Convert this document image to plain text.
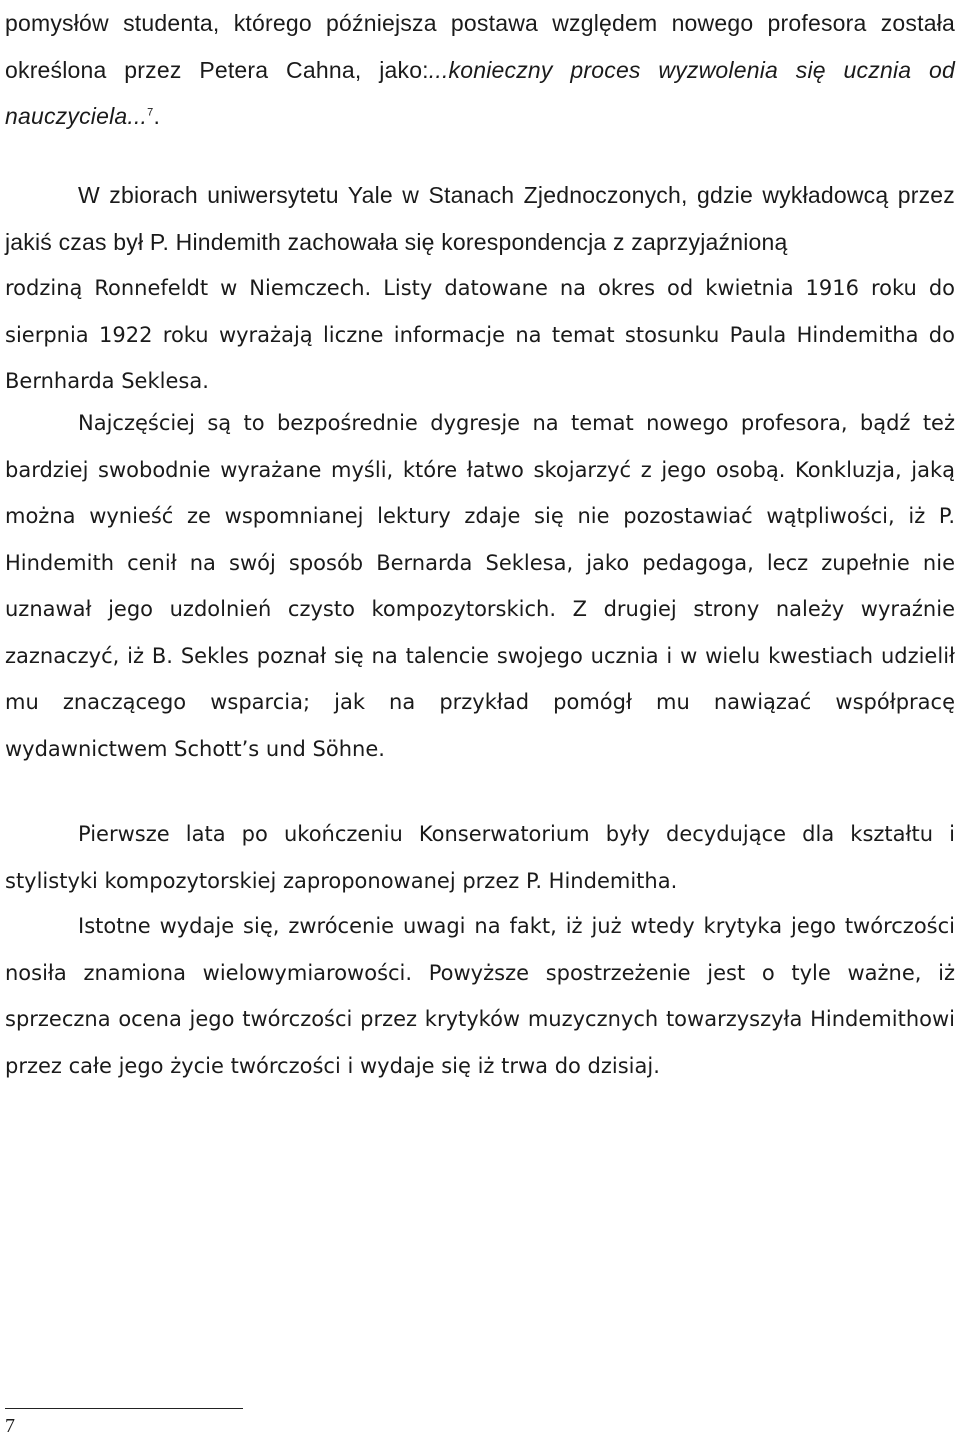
pomysłów studenta, którego późniejsza postawa względem nowego profesora została

określona przez Petera Cahna, jako:...konieczny proces wyzwolenia się ucznia od

nauczyciela...$^7$.

W zbiorach uniwersytetu Yale w Stanach Zjednoczonych, gdzie wykładowcą przez jakiś czas był P. Hindemith zachowała się korespondencja z zaprzyjaźnioną

rodziną Ronnefeldt w Niemczech. Listy datowane na okres od kwietnia 1916 roku do sierpnia 1922 roku wyrażają liczne informacje na temat stosunku Paula Hindemitha do Bernharda Seklesa.

Najczęściej są to bezpośrednie dygresje na temat nowego profesora, bądź też bardziej swobodnie wyrażane myśli, które łatwo skojarzyć z jego osobą. Konkluzja, jaką można wynieść ze wspomnianej lektury zdaje się nie pozostawiać wątpliwości, iż P. Hindemith cenił na swój sposób Bernarda Seklesa, jako pedagoga, lecz zupełnie nie uznawał jego uzdolnień czysto kompozytorskich. Z drugiej strony należy wyraźnie zaznaczyć, iż B. Sekles poznał się na talencie swojego ucznia i w wielu kwestiach udzielił mu znaczącego wsparcia; jak na przykład pomógł mu nawiązać współpracę wydawnictwem Schott’s und Söhne.

Pierwsze lata po ukończeniu Konserwatorium były decydujące dla kształtu i stylistyki kompozytorskiej zaproponowanej przez P. Hindemitha.

Istotne wydaje się, zwrócenie uwagi na fakt, iż już wtedy krytyka jego twórczości nosiła znamiona wielowymiarowości. Powyższe spostrzeżenie jest o tyle ważne, iż sprzeczna ocena jego twórczości przez krytyków muzycznych towarzyszyła Hindemithowi przez całe jego życie twórczości i wydaje się iż trwa do dzisiaj.

7
